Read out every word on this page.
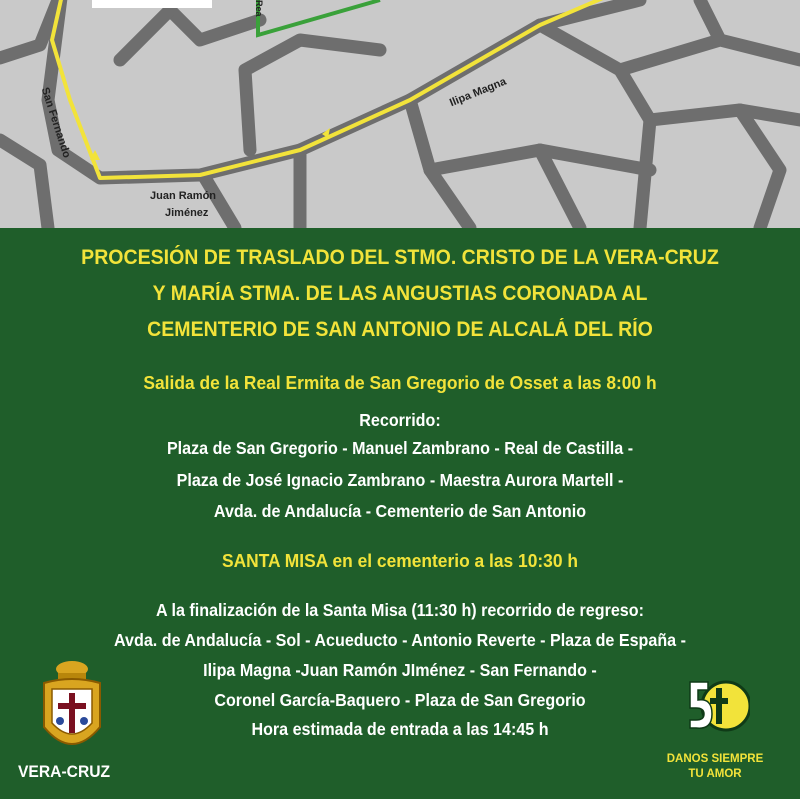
San Fernando	Ilipa Magna
Juan Ramón
Jiménez
Rea
PROCESIÓN DE TRASLADO DEL STMO. CRISTO DE LA VERA-CRUZ
Y MARÍA STMA. DE LAS ANGUSTIAS CORONADA AL
CEMENTERIO DE SAN ANTONIO DE ALCALÁ DEL RÍO
Salida de la Real Ermita de San Gregorio de Osset a las 8:00 h
Recorrido:
Plaza de San Gregorio - Manuel Zambrano - Real de Castilla -
Plaza de José Ignacio Zambrano - Maestra Aurora Martell -
Avda. de Andalucía - Cementerio de San Antonio
SANTA MISA en el cementerio a las 10:30 h
A la finalización de la Santa Misa (11:30 h) recorrido de regreso:
Avda. de Andalucía - Sol - Acueducto - Antonio Reverte - Plaza de España -
Ilipa Magna -Juan Ramón JIménez - San Fernando -
Coronel García-Baquero - Plaza de San Gregorio
Hora estimada de entrada a las 14:45 h
VERA-CRUZ
DANOS SIEMPRE
TU AMOR
